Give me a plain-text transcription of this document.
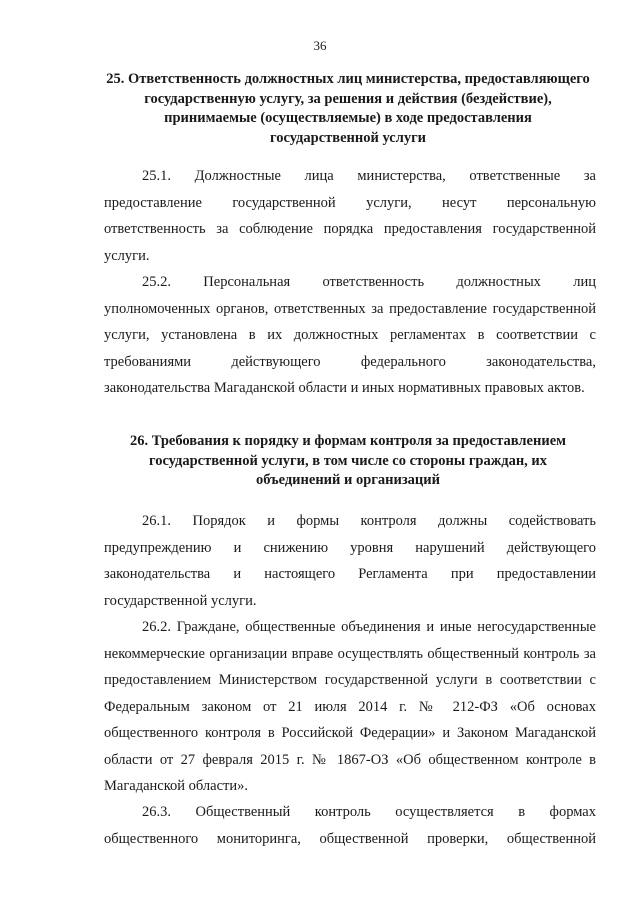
36
25. Ответственность должностных лиц министерства, предоставляющего
государственную услугу, за решения и действия (бездействие),
принимаемые (осуществляемые) в ходе предоставления
государственной услуги
25.1. Должностные лица министерства, ответственные за
предоставление государственной услуги, несут персональную
ответственность за соблюдение порядка предоставления государственной
услуги.
25.2. Персональная ответственность должностных лиц
уполномоченных органов, ответственных за предоставление государственной
услуги, установлена в их должностных регламентах в соответствии с
требованиями действующего федерального законодательства,
законодательства Магаданской области и иных нормативных правовых актов.
26. Требования к порядку и формам контроля за предоставлением
государственной услуги, в том числе со стороны граждан, их
объединений и организаций
26.1. Порядок и формы контроля должны содействовать
предупреждению и снижению уровня нарушений действующего
законодательства и настоящего Регламента при предоставлении
государственной услуги.
26.2. Граждане, общественные объединения и иные негосударственные
некоммерческие организации вправе осуществлять общественный контроль за
предоставлением Министерством государственной услуги в соответствии с
Федеральным законом от 21 июля 2014 г. № 212-ФЗ «Об основах
общественного контроля в Российской Федерации» и Законом Магаданской
области от 27 февраля 2015 г. № 1867-ОЗ «Об общественном контроле в
Магаданской области».
26.3. Общественный контроль осуществляется в формах
общественного мониторинга, общественной проверки, общественной
